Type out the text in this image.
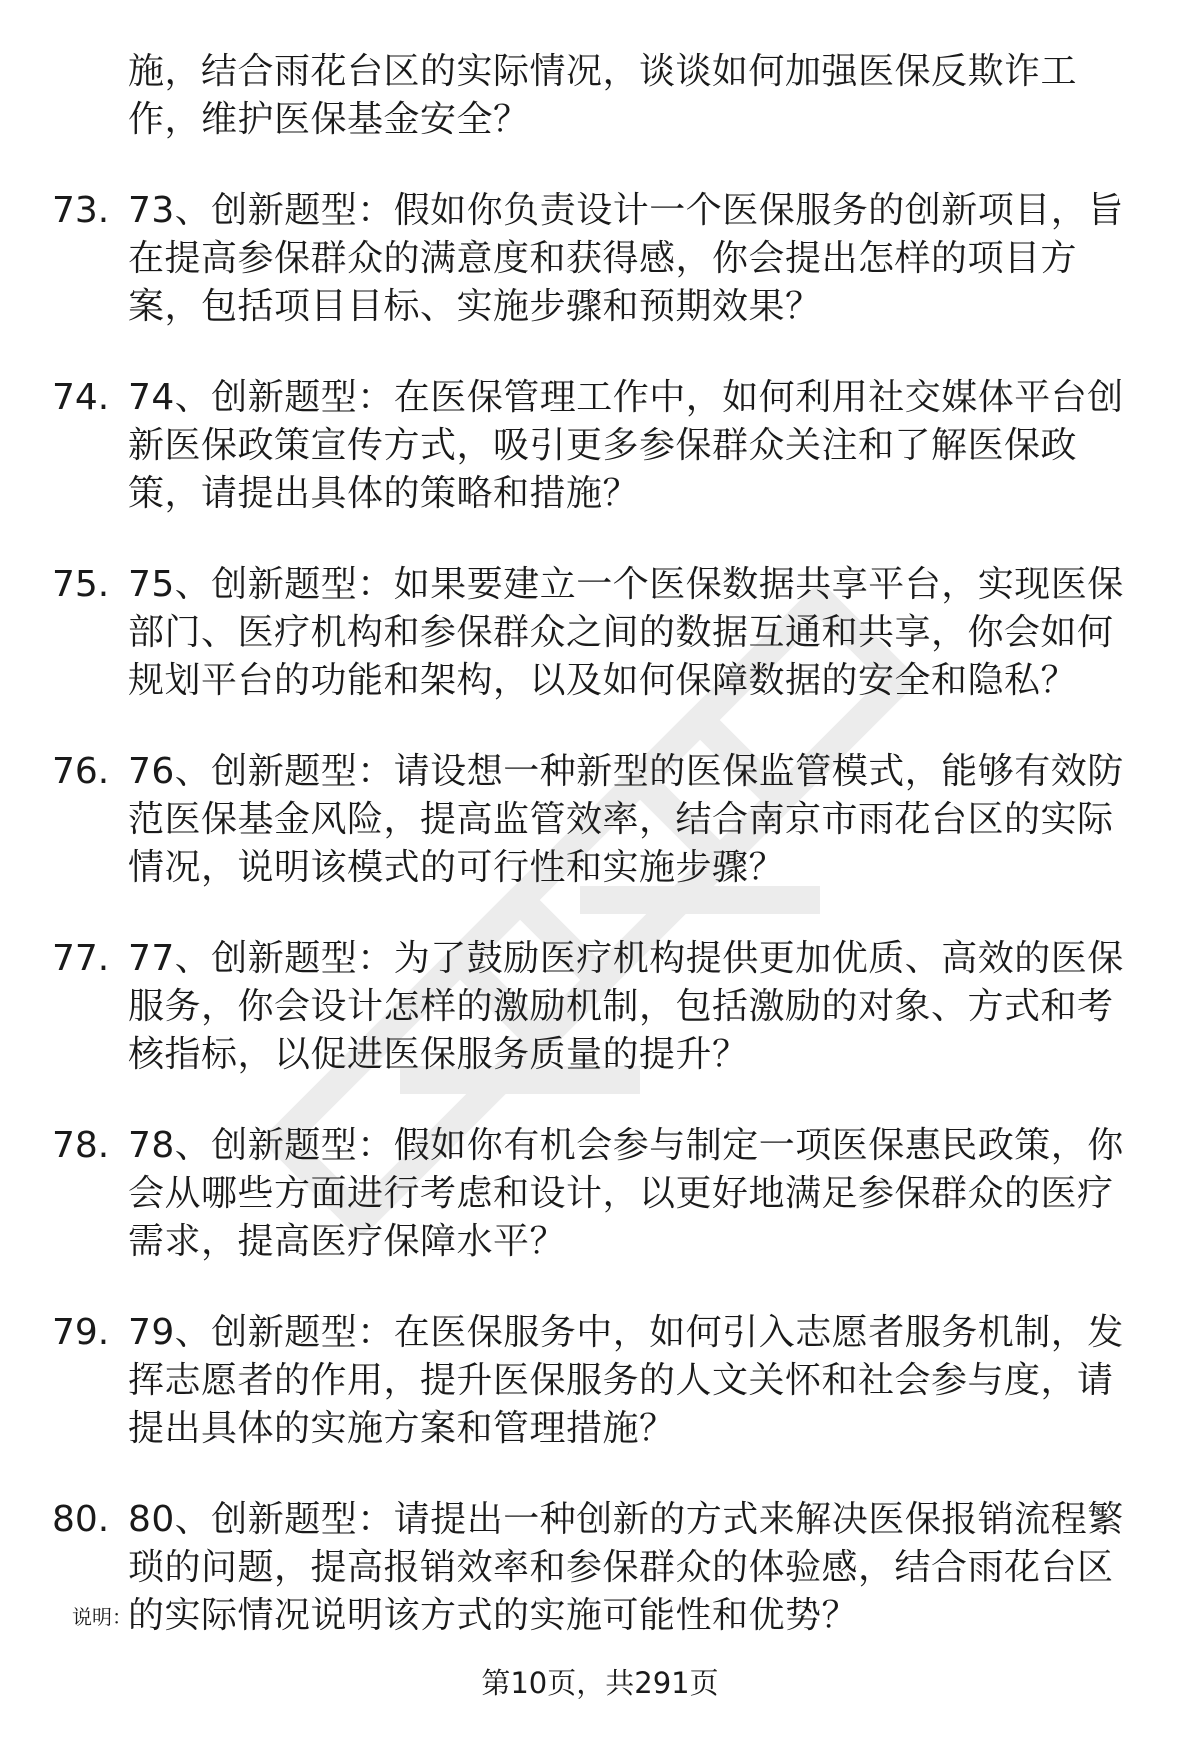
施，结合雨花台区的实际情况，谈谈如何加强医保反欺诈工作，维护医保基金安全？
73. 73、创新题型：假如你负责设计一个医保服务的创新项目，旨在提高参保群众的满意度和获得感，你会提出怎样的项目方案，包括项目目标、实施步骤和预期效果？
74. 74、创新题型：在医保管理工作中，如何利用社交媒体平台创新医保政策宣传方式，吸引更多参保群众关注和了解医保政策，请提出具体的策略和措施？
75. 75、创新题型：如果要建立一个医保数据共享平台，实现医保部门、医疗机构和参保群众之间的数据互通和共享，你会如何规划平台的功能和架构，以及如何保障数据的安全和隐私？
76. 76、创新题型：请设想一种新型的医保监管模式，能够有效防范医保基金风险，提高监管效率，结合南京市雨花台区的实际情况，说明该模式的可行性和实施步骤？
77. 77、创新题型：为了鼓励医疗机构提供更加优质、高效的医保服务，你会设计怎样的激励机制，包括激励的对象、方式和考核指标，以促进医保服务质量的提升？
78. 78、创新题型：假如你有机会参与制定一项医保惠民政策，你会从哪些方面进行考虑和设计，以更好地满足参保群众的医疗需求，提高医疗保障水平？
79. 79、创新题型：在医保服务中，如何引入志愿者服务机制，发挥志愿者的作用，提升医保服务的人文关怀和社会参与度，请提出具体的实施方案和管理措施？
80. 80、创新题型：请提出一种创新的方式来解决医保报销流程繁琐的问题，提高报销效率和参保群众的体验感，结合雨花台区的实际情况说明该方式的实施可能性和优势？
说明：
第10页，共291页
